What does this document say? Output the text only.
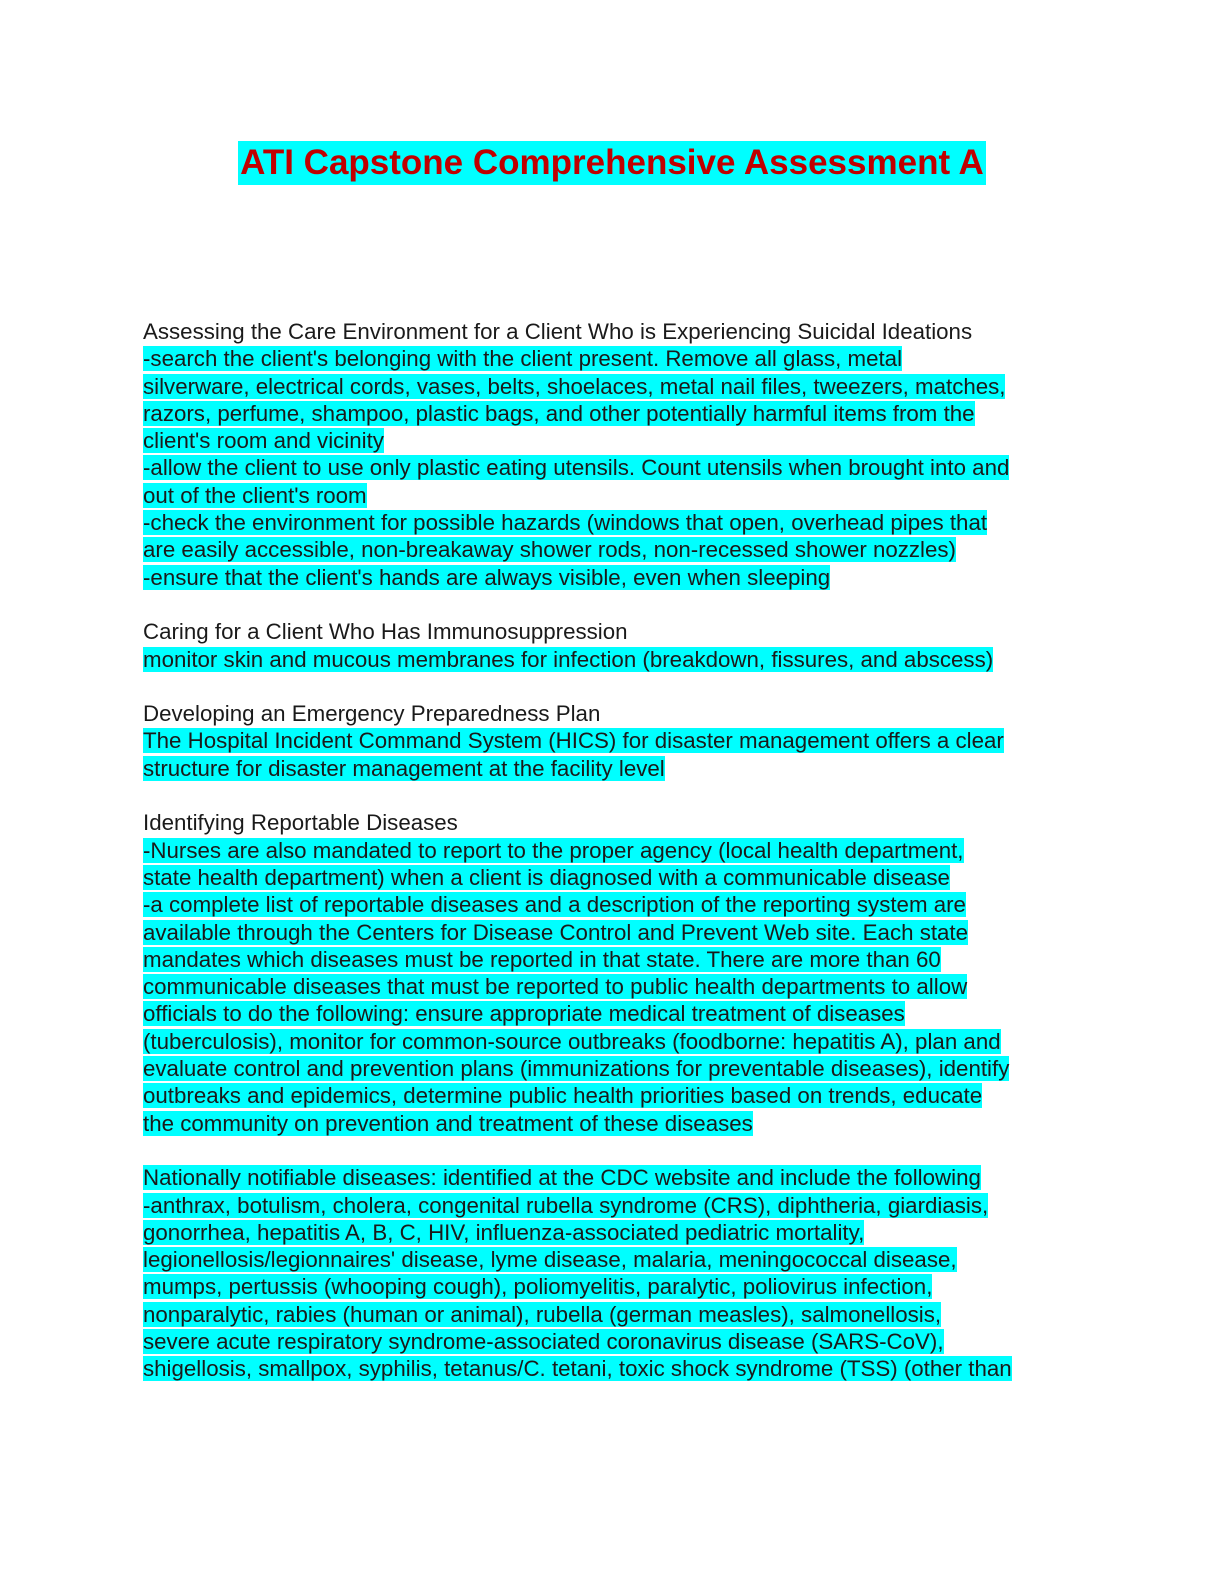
ATI Capstone Comprehensive Assessment A
Assessing the Care Environment for a Client Who is Experiencing Suicidal Ideations
-search the client's belonging with the client present. Remove all glass, metal
silverware, electrical cords, vases, belts, shoelaces, metal nail files, tweezers, matches,
razors, perfume, shampoo, plastic bags, and other potentially harmful items from the
client's room and vicinity
-allow the client to use only plastic eating utensils. Count utensils when brought into and
out of the client's room
-check the environment for possible hazards (windows that open, overhead pipes that
are easily accessible, non-breakaway shower rods, non-recessed shower nozzles)
-ensure that the client's hands are always visible, even when sleeping
Caring for a Client Who Has Immunosuppression
monitor skin and mucous membranes for infection (breakdown, fissures, and abscess)
Developing an Emergency Preparedness Plan
The Hospital Incident Command System (HICS) for disaster management offers a clear
structure for disaster management at the facility level
Identifying Reportable Diseases
-Nurses are also mandated to report to the proper agency (local health department,
state health department) when a client is diagnosed with a communicable disease
-a complete list of reportable diseases and a description of the reporting system are
available through the Centers for Disease Control and Prevent Web site. Each state
mandates which diseases must be reported in that state. There are more than 60
communicable diseases that must be reported to public health departments to allow
officials to do the following: ensure appropriate medical treatment of diseases
(tuberculosis), monitor for common-source outbreaks (foodborne: hepatitis A), plan and
evaluate control and prevention plans (immunizations for preventable diseases), identify
outbreaks and epidemics, determine public health priorities based on trends, educate
the community on prevention and treatment of these diseases
Nationally notifiable diseases: identified at the CDC website and include the following
-anthrax, botulism, cholera, congenital rubella syndrome (CRS), diphtheria, giardiasis,
gonorrhea, hepatitis A, B, C, HIV, influenza-associated pediatric mortality,
legionellosis/legionnaires' disease, lyme disease, malaria, meningococcal disease,
mumps, pertussis (whooping cough), poliomyelitis, paralytic, poliovirus infection,
nonparalytic, rabies (human or animal), rubella (german measles), salmonellosis,
severe acute respiratory syndrome-associated coronavirus disease (SARS-CoV),
shigellosis, smallpox, syphilis, tetanus/C. tetani, toxic shock syndrome (TSS) (other than
